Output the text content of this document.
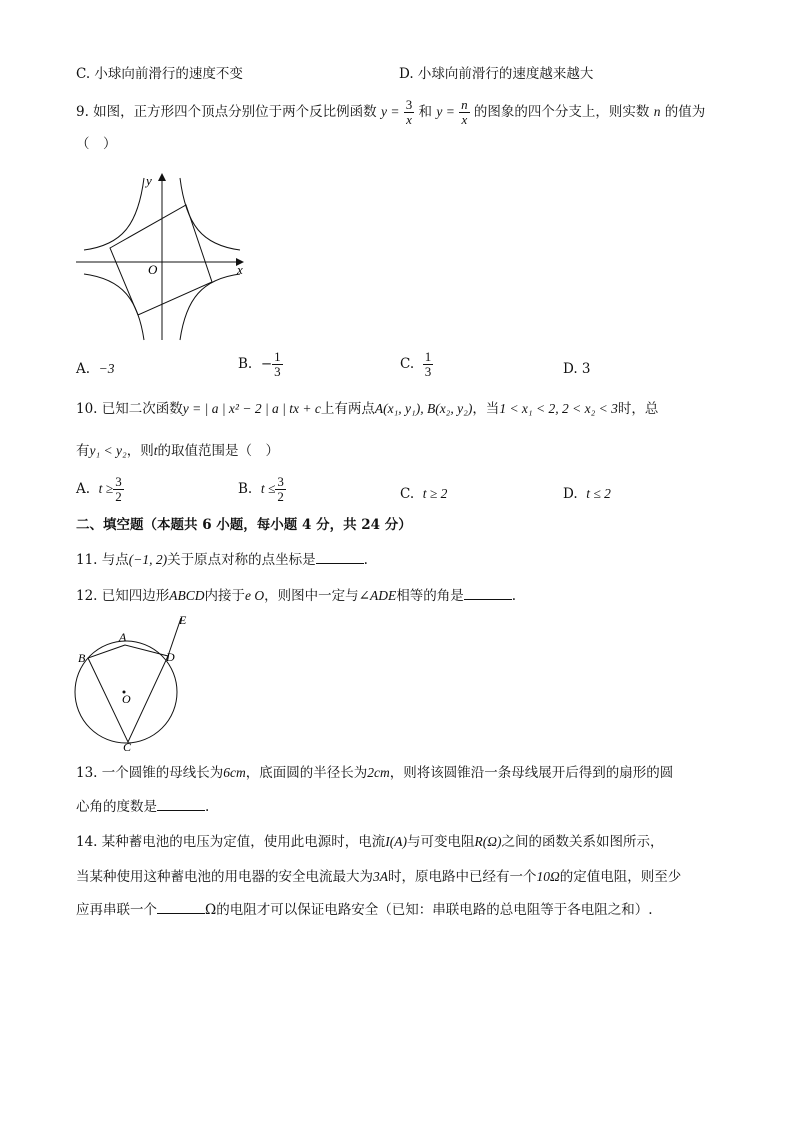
C. 小球向前滑行的速度不变	D. 小球向前滑行的速度越来越大
9. 如图，正方形四个顶点分别位于两个反比例函数 $y = \frac{3}{x}$ 和 $y = \frac{n}{x}$ 的图象的四个分支上，则实数 n 的值为
（　）
y
x
O
A. −3	B. − $\frac{1}{3}$	C. $\frac{1}{3}$	D. 3
10. 已知二次函数y = | a | x² − 2 | a | tx + c上有两点A(x₁, y₁), B(x₂, y₂)，当1 < x₁ < 2, 2 < x₂ < 3时，总
有y₁ < y₂，则t的取值范围是（　）
A. $t \ge \frac{3}{2}$	B. $t \le \frac{3}{2}$	C. t ≥ 2	D. t ≤ 2
二、填空题（本题共 6 小题，每小题 4 分，共 24 分）
11. 与点(−1, 2)关于原点对称的点坐标是	.
12. 已知四边形ABCD内接于e O，则图中一定与∠ADE相等的角是	.
A
B
C
D
E
O
13. 一个圆锥的母线长为6cm，底面圆的半径长为2cm，则将该圆锥沿一条母线展开后得到的扇形的圆
心角的度数是	.
14. 某种蓄电池的电压为定值，使用此电源时，电流I(A)与可变电阻R(Ω)之间的函数关系如图所示，
当某种使用这种蓄电池的用电器的安全电流最大为3A时，原电路中已经有一个10Ω的定值电阻，则至少
应再串联一个	Ω的电阻才可以保证电路安全（已知：串联电路的总电阻等于各电阻之和）.
